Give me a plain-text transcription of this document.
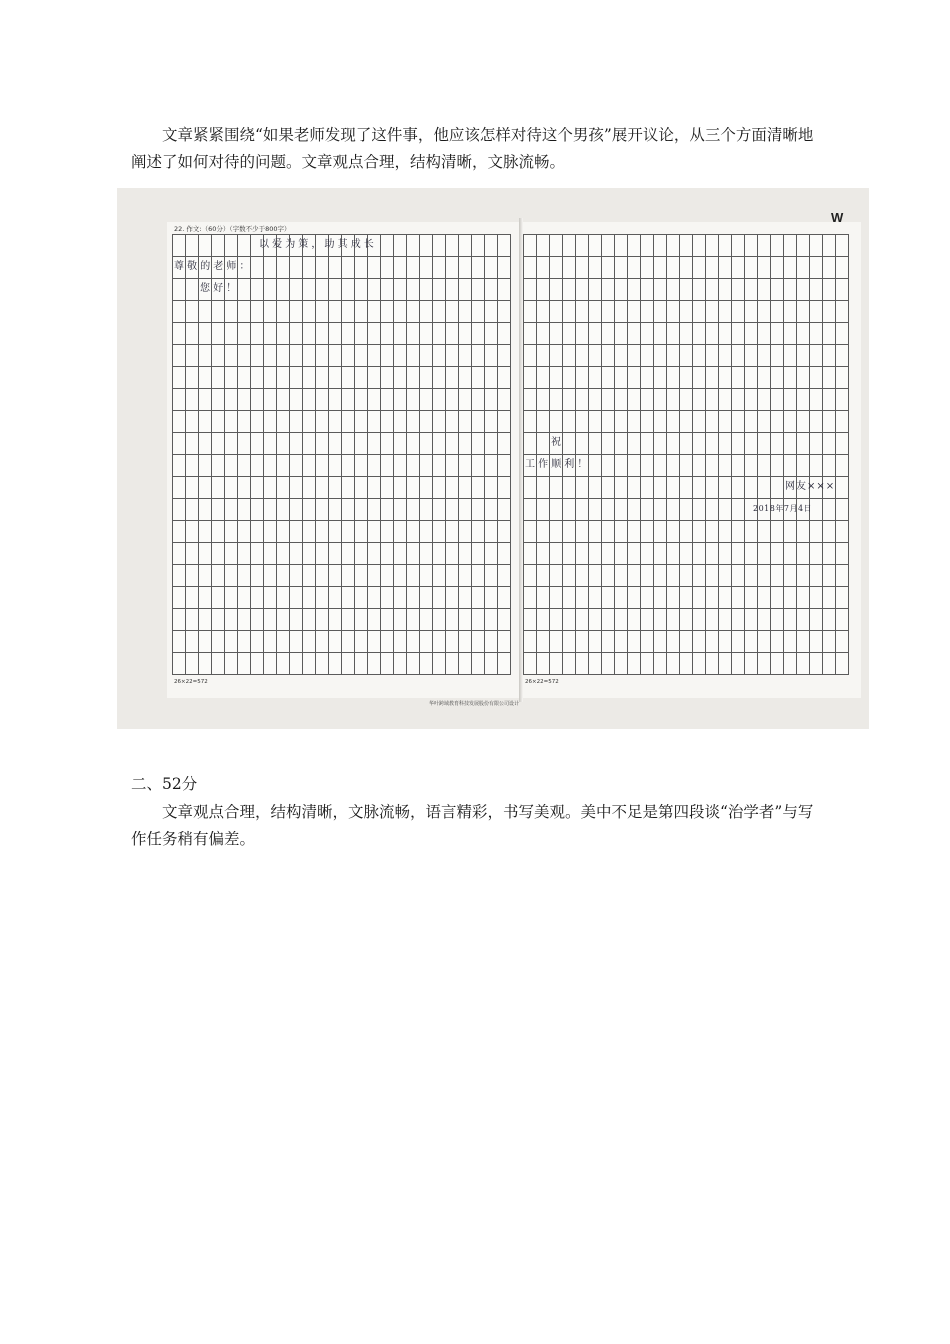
文章紧紧围绕“如果老师发现了这件事，他应该怎样对待这个男孩”展开议论，从三个方面清晰地阐述了如何对待的问题。文章观点合理，结构清晰，文脉流畅。

22. 作文:（60分）（字数不少于800字）
W
以爱为策，助其成长
尊敬的老师：
您好！
祝
工作顺利！
网友×××
2018年7月4日
26×22=572	26×22=572
华叶跨域教育科技发展股份有限公司设计

二、52分

文章观点合理，结构清晰，文脉流畅，语言精彩，书写美观。美中不足是第四段谈“治学者”与写作任务稍有偏差。
